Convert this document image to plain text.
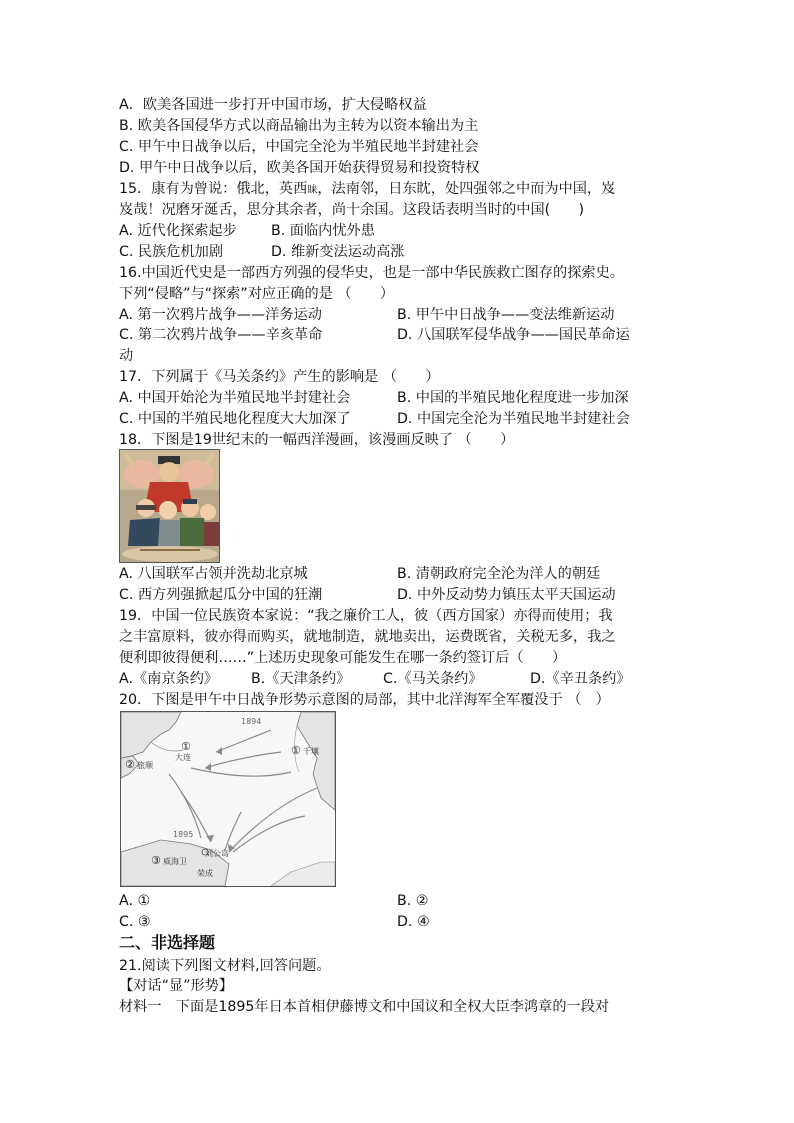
A．欧美各国进一步打开中国市场，扩大侵略权益
B. 欧美各国侵华方式以商品输出为主转为以资本输出为主
C. 甲午中日战争以后，中国完全沦为半殖民地半封建社会
D. 甲午中日战争以后，欧美各国开始获得贸易和投资特权
15．康有为曾说：俄北，英西睐，法南邻，日东眈，处四强邻之中而为中国，岌
岌哉！况磨牙涎舌，思分其余者，尚十余国。这段话表明当时的中国(　　)
A. 近代化探索起步 B. 面临内忧外患
C. 民族危机加剧	D. 维新变法运动高涨
16.中国近代史是一部西方列强的侵华史，也是一部中华民族救亡图存的探索史。
下列“侵略”与“探索”对应正确的是 （　　）
A. 第一次鸦片战争——洋务运动	B. 甲午中日战争——变法维新运动
C. 第二次鸦片战争——辛亥革命	D. 八国联军侵华战争——国民革命运
动
17．下列属于《马关条约》产生的影响是 （　　）
A. 中国开始沦为半殖民地半封建社会	B. 中国的半殖民地化程度进一步加深
C. 中国的半殖民地化程度大大加深了	D. 中国完全沦为半殖民地半封建社会
18．下图是19世纪末的一幅西洋漫画，该漫画反映了 （　　）
A. 八国联军占领并洗劫北京城	B. 清朝政府完全沦为洋人的朝廷
C. 西方列强掀起瓜分中国的狂潮	D. 中外反动势力镇压太平天国运动
19．中国一位民族资本家说：“我之廉价工人，彼（西方国家）亦得而使用；我
之丰富原料，彼亦得而购买，就地制造，就地卖出，运费既省，关税无多，我之
便利即彼得便利……”上述历史现象可能发生在哪一条约签订后（　　）
A.《南京条约》 B.《天津条约》 C.《马关条约》	D.《辛丑条约》
20．下图是甲午中日战争形势示意图的局部，其中北洋海军全军覆没于 （　）
1894
1895
①
大连
② 旅顺
① 千壤
③ 威海卫
刘公岛
荣成
A. ①	B. ②
C. ③	D. ④
二、非选择题
21.阅读下列图文材料,回答问题。
【对话“显”形势】
材料一　下面是1895年日本首相伊藤博文和中国议和全权大臣李鸿章的一段对
